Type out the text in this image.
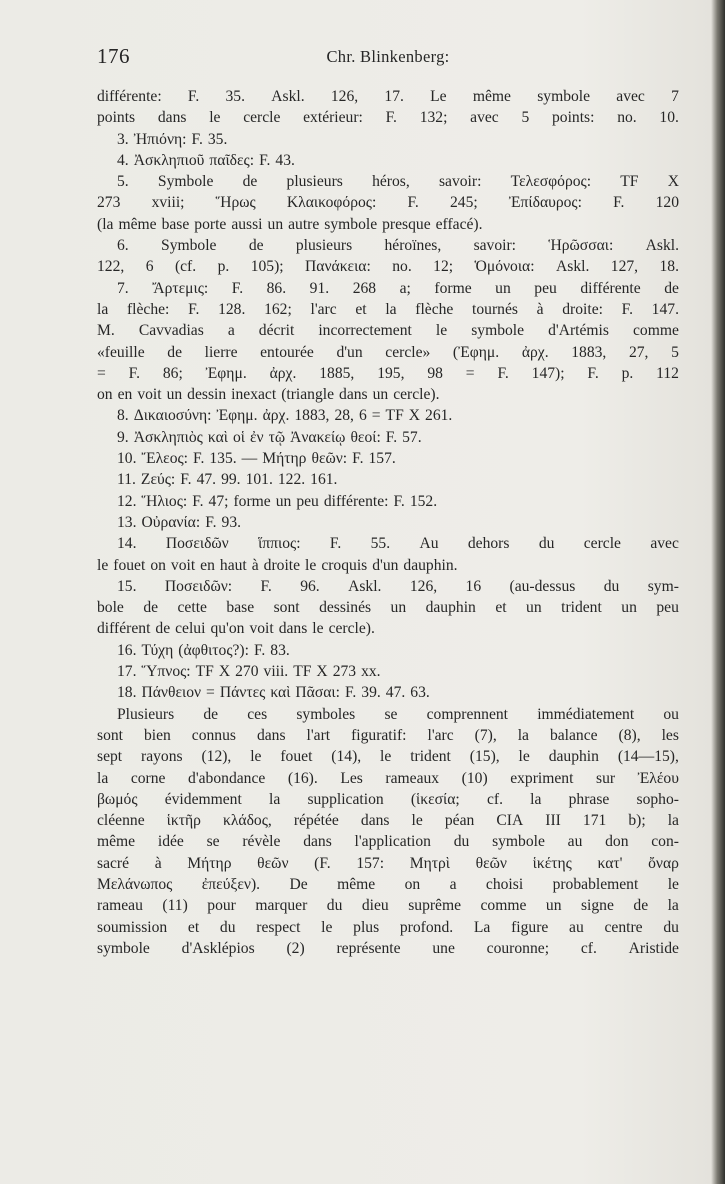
176	Chr. Blinkenberg:
différente: F. 35. Askl. 126, 17. Le même symbole avec 7
points dans le cercle extérieur: F. 132; avec 5 points: no. 10.
3. Ἠπιόνη: F. 35.
4. Ἀσκληπιοῦ παῖδες: F. 43.
5. Symbole de plusieurs héros, savoir: Τελεσφόρος: TF X
273 xviii; Ἥρως Κλαικοφόρος: F. 245; Ἐπίδαυρος: F. 120
(la même base porte aussi un autre symbole presque effacé).
6. Symbole de plusieurs héroïnes, savoir: Ἡρῶσσαι: Askl.
122, 6 (cf. p. 105); Πανάκεια: no. 12; Ὁμόνοια: Askl. 127, 18.
7. Ἄρτεμις: F. 86. 91. 268 a; forme un peu différente de
la flèche: F. 128. 162; l'arc et la flèche tournés à droite: F. 147.
M. Cavvadias a décrit incorrectement le symbole d'Artémis comme
«feuille de lierre entourée d'un cercle» (Ἐφημ. ἀρχ. 1883, 27, 5
= F. 86; Ἐφημ. ἀρχ. 1885, 195, 98 = F. 147); F. p. 112
on en voit un dessin inexact (triangle dans un cercle).
8. Δικαιοσύνη: Ἐφημ. ἀρχ. 1883, 28, 6 = TF X 261.
9. Ἀσκληπιὸς καὶ οἱ ἐν τῷ Ἀνακείῳ θεοί: F. 57.
10. Ἔλεος: F. 135. — Μήτηρ θεῶν: F. 157.
11. Ζεύς: F. 47. 99. 101. 122. 161.
12. Ἥλιος: F. 47; forme un peu différente: F. 152.
13. Οὐρανία: F. 93.
14. Ποσειδῶν ἵππιος: F. 55. Au dehors du cercle avec
le fouet on voit en haut à droite le croquis d'un dauphin.
15. Ποσειδῶν: F. 96. Askl. 126, 16 (au-dessus du sym-
bole de cette base sont dessinés un dauphin et un trident un peu
différent de celui qu'on voit dans le cercle).
16. Τύχη (ἀφθιτος?): F. 83.
17. Ὕπνος: TF X 270 viii. TF X 273 xx.
18. Πάνθειον = Πάντες καὶ Πᾶσαι: F. 39. 47. 63.
Plusieurs de ces symboles se comprennent immédiatement ou
sont bien connus dans l'art figuratif: l'arc (7), la balance (8), les
sept rayons (12), le fouet (14), le trident (15), le dauphin (14—15),
la corne d'abondance (16). Les rameaux (10) expriment sur Ἐλέου
βωμός évidemment la supplication (ἱκεσία; cf. la phrase sopho-
cléenne ἱκτῆρ κλάδος, répétée dans le péan CIA III 171 b); la
même idée se révèle dans l'application du symbole au don con-
sacré à Μήτηρ θεῶν (F. 157: Μητρὶ θεῶν ἱκέτης κατ' ὄναρ
Μελάνωπος ἐπεύξεν). De même on a choisi probablement le
rameau (11) pour marquer du dieu suprême comme un signe de la
soumission et du respect le plus profond. La figure au centre du
symbole d'Asklépios (2) représente une couronne; cf. Aristide
